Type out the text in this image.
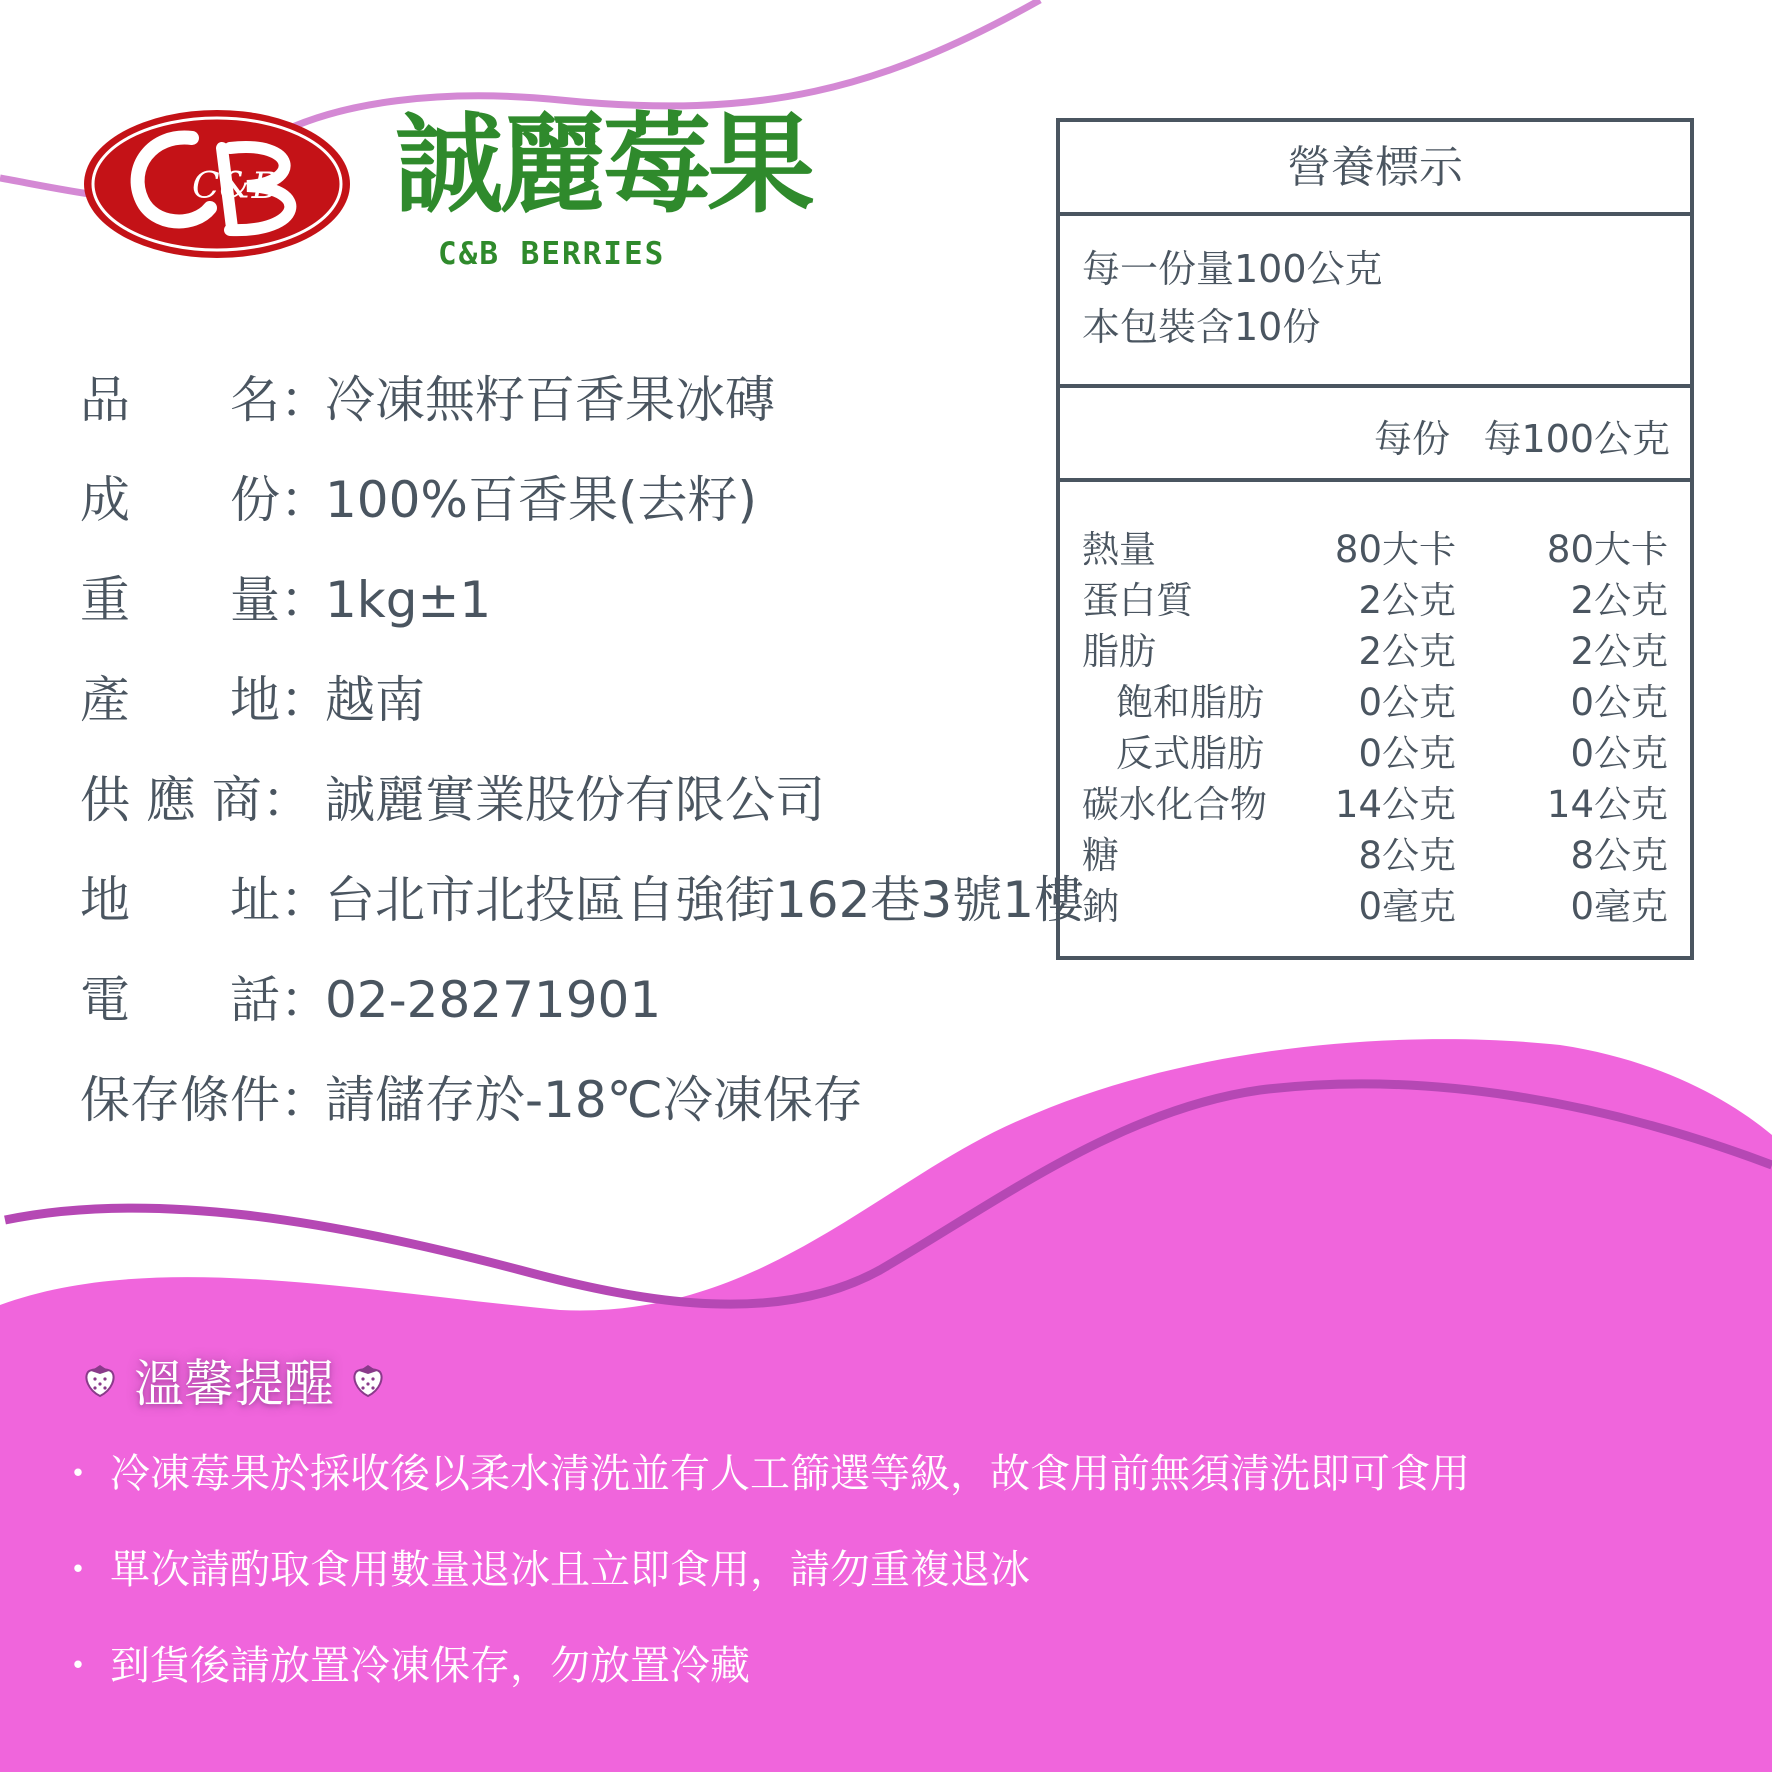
C&B 誠麗莓果
C&B BERRIES
品　　名：
冷凍無籽百香果冰磚
成　　份：
100%百香果(去籽)
重　　量：
1kg±1
產　　地：
越南
供 應 商： 誠麗實業股份有限公司
地　　址：
台北市北投區自強街162巷3號1樓
電　　話：
02-28271901
保存條件：
請儲存於-18℃冷凍保存
營養標示
每一份量100公克
本包裝含10份
每份 每100公克
熱量	80大卡 80大卡
蛋白質	2公克	2公克
脂肪	2公克	2公克
飽和脂肪	0公克	0公克
反式脂肪	0公克	0公克
碳水化合物 14公克 14公克
糖	8公克	8公克
鈉	0毫克	0毫克
溫馨提醒
・ 冷凍莓果於採收後以柔水清洗並有人工篩選等級，故食用前無須清洗即可食用
・ 單次請酌取食用數量退冰且立即食用，請勿重複退冰
・ 到貨後請放置冷凍保存，勿放置冷藏
